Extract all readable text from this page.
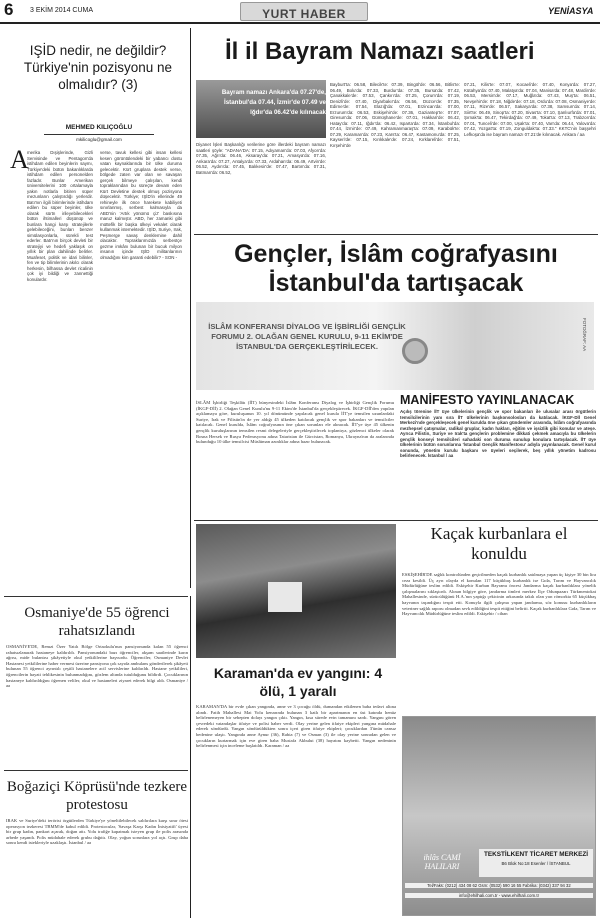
6 3 EKİM 2014 CUMA	YURT HABER	YENİASYA
IŞİD nedir, ne değildir? Türkiye'nin pozisyonu ne olmalıdır? (3)
MEHMED KILIÇOĞLU
mkilicoglu@gmail.com
A
merika Dışişlerinde, Gizli Servisinde ve Pentagon'da istihdam edilen beyinlerin saymı, Türkiye'deki bütün bakanlıklarda istihdam edilen personelden fazladır. Bunlar Amerikan üniversitelerini 100 ortalamayla yakın notlarla bitiren süper mezunların çalıştırdığı yerlerdir. Batı'nın ilgili birimlerinde istihdam edilen bu süper beyinler, ülke olarak sürtn irileyebilecekleri bütün ihtimalleri düşünüp ve bunlara hangi karşı stratejilerle gelebileceğini, bunları benzer simülasyonlarla, sürekli test ederler. Batı'nın birçok devleti bir stratejiyi ve hedefi yaklaşık on yıllık bir plan dahilinde belirler. Muafeset, politik ve idari bilinler, fen ve tip bilimlerinin akılcı olarak herkesin, bilhassa devlet ricalinin çok iyi bildiği ve zannettiği konulardır.
verse, tavuk kellesi gibi insan kellesi kesen görüntülendeki bir yabancı dostu vatan kaynaklarında bir ülke duruma gelecektir. Kürt gruplara destek verse, bölgede zaten var olan ve savaşan gerçek bilmeye çalışılan, kendi topraklarından bu süreçte devam eden Kürt Devletine destek olmuş pozisyona düşecektir. Türkiye; IŞİD'in ellerinde 49 rehineyle ilk önce harekete kabiliyeti sınırlanmış, serbest kalmasıyla da ABD'nin 'Artık yönümü çiz' baskısına maruz kalmıştır. ABD, her zamanki gibi müttefik bir başka ülkeyi vekalet olarak kullanmak istemektedir. IŞİD, Suriye, Irak, Peşmerge savaş denklemine dahil olacaktır. Topraklarımızda serbestçe gezme imkânı bulunan bir bucuk milyon insanın içinde IŞİD militanlarının olmadığını kim garanti edebilir? - SON -
İl il Bayram Namazı saatleri
Bayram namazı Ankara'da 07.27'de, İstanbul'da 07.44, İzmir'de 07.49 ve Iğdır'da 06.42'de kılınacak
Diyanet İşleri Başkanlığı verilerine göre illerdeki bayram namazı saatleri şöyle: "ADANA'DA: 07.15, Adıyaman'da: 07.03, Afyon'da: 07.35, Ağrı'da: 06.46, Aksaray'da: 07.21, Amasya'da: 07.16, Ankara'da: 07.27, Antalya'da: 07.33, Ardahan'da: 06.49, Artvin'de: 06.52, Aydın'da: 07.45, Balıkesir'de: 07.47, Bartın'da: 07.31, Batman'da: 06.52,
Bayburt'ta: 06.58, Bilecik'te: 07.39, Bingöl'de: 06.56, Bitlis'te: 06.49, Bolu'da: 07.33, Burdur'da: 07.35, Bursa'da: 07.42, Çanakkale'de: 07.53, Çankırı'da: 07.25, Çorum'da: 07.19, Denizli'de: 07.40, Diyarbakır'da: 06.56, Düzce'de: 07.35, Edirne'de: 07.54, Elazığ'da: 07.01, Erzincan'da: 07.00, Erzurum'da: 06.53, Eskişehir'de: 07.36, Gaziantep'te: 07.07, Giresun'da: 07.06, Gümüşhane'de: 07.01, Hakkari'de: 06.42, Hatay'da: 07.11, Iğdır'da: 06.42, Isparta'da: 07.34, İstanbul'da: 07.44, İzmir'de: 07.49, Kahramanmaraş'ta: 07.09, Karabük'te: 07.29, Karaman'da: 07.23, Kars'ta: 06.47, Kastamonu'da: 07.25, Kayseri'de: 07.15, Kırıkkale'de: 07.24, Kırklareli'de: 07.51, Kırşehir'de
07.21, Kilis'te: 07.07, Kocaeli'de: 07.40, Konya'da: 07.27, Kütahya'da: 07.40, Malatya'da: 07.04, Manisa'da: 07.48, Mardin'de: 06.53, Mersin'de: 07.17, Muğla'da: 07.43, Muş'ta: 06.51, Nevşehir'de: 07.18, Niğde'de: 07.18, Ordu'da: 07.08, Osmaniye'de: 07.11, Rize'de: 06.57, Sakarya'da: 07.38, Samsun'da: 07.14, Siirt'te: 06.49, Sinop'ta: 07.20, Sivas'ta: 07.10, Şanlıurfa'da: 07.01, Şırnak'ta: 06.47, Tekirdağ'da: 07.49, Tokat'ta: 07.13, Trabzon'da: 07.01, Tunceli'de: 07.00, Uşak'ta: 07.40, Van'da: 06.44, Yalova'da: 07.42, Yozgat'ta: 07.19, Zonguldak'ta: 07.33." KKTC'nin başşehri Lefkoşa'da ise bayram namazı 07.21'de kılınacak. Ankara / aa
Gençler, İslâm coğrafyasını
İstanbul'da tartışacak
İSLÂM KONFERANSI DİYALOG VE İŞBİRLİĞİ GENÇLİK FORUMU 2. OLAĞAN GENEL KURULU, 9-11 EKİM'DE İSTANBUL'DA GERÇEKLEŞTİRİLECEK.	FOTOĞRAF: AA
MANİFESTO YAYINLANACAK
Açılış törenine İİT üye ülkelerinin gençlik ve spor bakanları ile ulusalar arası örgütlerin temsilcilerinin yanı sıra İİT ülkelerinin başkonsolosları da katılacak. İKGF-Dİİ Genel Merkezi'nde gerçekleşecek genel kurulda öne çıkan gündemler arasında, İslâm coğrafyasında mezhepsel çatışmalar, radikal gruplar, kadın hakları, eğitim ve işsizlik gibi konular ve ateşe. Ayrıca Filistin, Suriye ve Irak'ta gençlerin problemine dikkati çekmek amacıyla bu ülkelerin gençlik konseyi temsilcileri sahadaki son duruma sunulup konulara tartışılacak. İİT üye ülkelerinin bütün sorunlarına 'İstanbul Gençlik Manifestosu' adıyla yayınlanacak. Genel kurul sonunda, yönetim kurulu başkanı ve üyeleri seçilerek, beş yıllık yönetim kadrosu belirlenecek. İstanbul / aa
İSLÂM İşbirliği Teşkilâtı (İİT) bünyesindeki İslâm Konferansı Diyalog ve İşbirliği Gençlik Forumu (İKGF-Dİİ) 2. Olağan Genel Kurulu'nu 9-11 Ekim'de İstanbul'da gerçekleştirecek. İKGF-Dİİ'den yapılan açıklamaya göre, kuruluşunun 10. yıl dönümünde yapılacak genel kurula İİT'ye temsilen uzunlardaki Suriye, Irak ve Filistin'in de yer aldığı 45 ülkeden katılacak gençlik ve spor bakanları ve temsilciler katılacak. Genel kurulda, İslâm coğrafyasının öne çıkan sorunları ele alınacak. İİT'ye üye 45 ülkenin gençlik kuruluşlarının temsilen resmi delegeleriyle gerçekleştirilecek toplantıya, gözlemci ülkeler olarak Bosna Hersek ve Rusya Federasyonu adına Tataristan ile Gürcistan, Romanya, Ukrayna'nın da aralarında bulunduğu 10 ülke temsilcisi Müslüman azınlıklar adına hazır bulunacak.
Karaman'da ev yangını: 4 ölü, 1 yaralı
KARAMAN'DA bir evde çıkan yangında, anne ve 3 çocuğu öldü, dumandan etkilenen baba tedavi altına alındı. Fatih Mahallesi Mai Yolu kenarında bulunan 3 katlı bir apartmanın en üst katında henüz belirlenemeyen bir sebepten dolayı yangın çıktı. Yangın, kısa sürede evin tamamını sardı. Yangını gören çevredeki vatandaşlar itfaiye ve polisi haber verdi. Olay yerine gelen itfaiye ekipleri yangına müdahale ederek söndürdü. Yangın söndürüldükten sonra içeri giren itfaiye ekipleri; çocuklardan 3'ünün cansız bedenine ulaştı. Yangında anne Aynur (36), Rabia (7) ve Osman (3) ile olay yerine sonradan gelen ve çocukların kurtarmak için eve giren baba Mustafa Akbulut (38) hayatını kaybetti. Yangın nedeninin belirlenmesi için inceleme başlatıldı. Karaman / aa
Kaçak kurbanlara el konuldu
ESKİŞEHİR'DE sağlık kontrolünden geçirilmeden kaçak kurbanlık satılmaya yapan üç kişiye 30 bin lira ceza kesildi. Üç ayrı olayda el konulan 117 küçükbaş kurbanlık ise Gıda, Tarım ve Hayvancılık Müdürlüğüne teslim edildi. Eskişehir Kurban Bayramı öncesi Jandarma kaçak kurbanlıklara yönelik çalışmalarını sıklaştırdı. Alınan bilgiye göre, jandarma timleri merkez İlçe Odunpazarı Türkmentokat Mahallesinde, sürücülüğünü H.A.'nın yaptığı çekicinin arkasında takılı olan yarı römorkta 65 küçükbaş hayvanın taşındığını tespit etti. Konuyla ilgili çalışma yapan jandarma, söz konusu kurbanlıkların veteriner sağlık raporu olmadan sevk edildiğini tespit ettiğini belirtti. Kaçak kurbanlıklara Gıda, Tarım ve Hayvancılık Müdürlüğüne teslim edildi. Eskişehir / cihan
ihlâs CAMİ HALILARI
TEKSTİLKENT TİCARET MERKEZİ
B6 Blok No:18 Esenler / İSTANBUL
Tel/Faks: (0212) 434 08 62 Gsm: (0532) 590 16 55 Fabrika: (0342) 337 94 32
info@ehilhali.com.tr - www.ehilhali.com.tr
Osmaniye'de 55 öğrenci rahatsızlandı
OSMANİYE'DE, Remzi Özer Yatılı Bölge Ortaokulu'nun pansiyonunda kalan 55 öğrenci rahatsızlanarak hastaneye kaldırıldı. Pansiyonundaki bazı öğrenciler, akşam saatlerinde karın ağrısı, mide bulantısı şikâyetiyle okul yetkililerine başvurdu. Öğrenciler, Osmaniye Devlet Hastanesi yetkililerine haber vermesi üzerine pansiyona çok sayıda ambulans gönderilerek şikâyeti bulunan 55 öğrenci ayrıntılı çeşitli hastanelere acil servislerine kaldırıldı. Hastane yetkilileri, öğrencilerin hayati tehlikesinin bulunmadığını, gözlem altında tutulduğunu bildirdi. Çocuklarının hastaneye kaldırıldığını öğrenen veliler, okul ve hastaneleri ziyaret ederek bilgi aldı. Osmaniye / aa
Boğaziçi Köprüsü'nde tezkere protestosu
IRAK ve Suriye'deki terörist örgütlerden Türkiye'ye yöneltilebilecek saldırılara karşı sınır ötesi operasyon tezkeresi TBMM'de kabul edildi. Protestocular, 'Savaşa Karşı Kadın İnisiyatifi' üyesi bir grup kadın, pankart açarak, doğan attı. Yolu trafiğe kapatmak isteyen grup ile polis arasında arbede yaşandı. Polis müdahale ederek grubu dağıttı. Olay, yoğun sorunlara yol açtı. Grup daha sonra kendi istekleriyle uzaklaştı. İstanbul / aa
